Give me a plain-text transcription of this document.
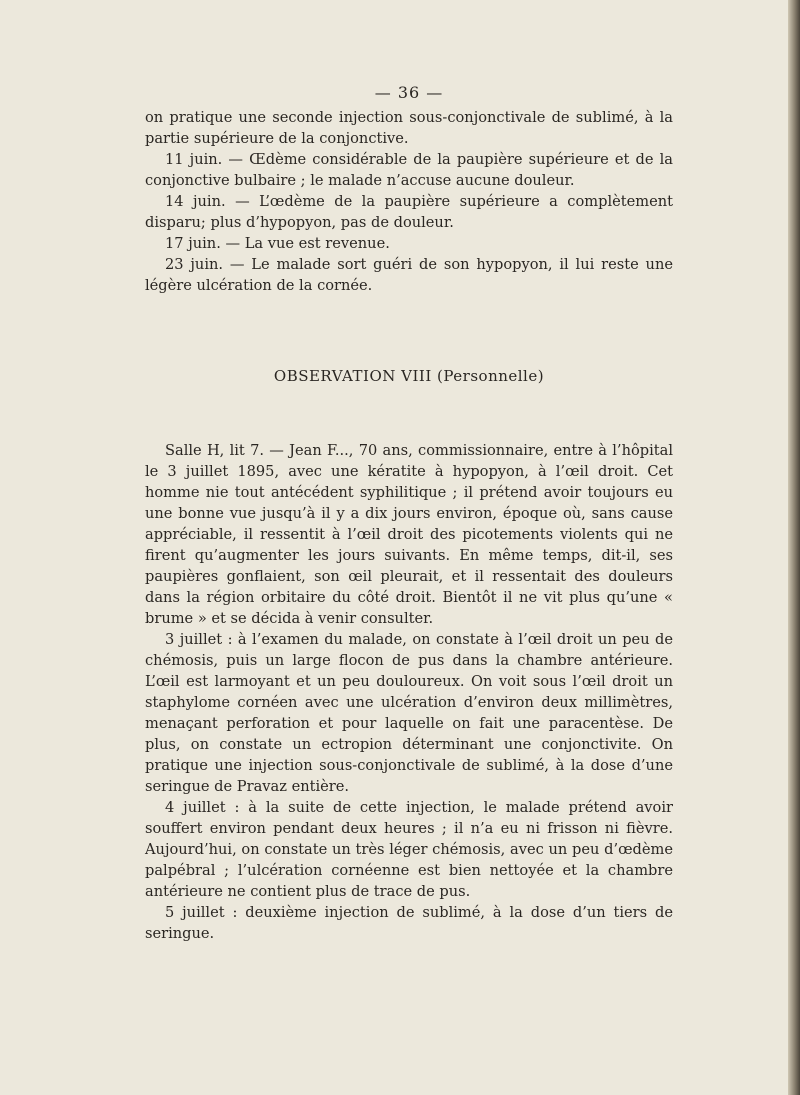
— 36 —

on pratique une seconde injection sous-conjonctivale de sublimé, à la partie supérieure de la conjonctive.

11 juin. — Œdème considérable de la paupière supérieure et de la conjonctive bulbaire ; le malade n’accuse aucune douleur.

14 juin. — L’œdème de la paupière supérieure a complètement disparu; plus d’hypopyon, pas de douleur.

17 juin. — La vue est revenue.

23 juin. — Le malade sort guéri de son hypopyon, il lui reste une légère ulcération de la cornée.

OBSERVATION VIII (Personnelle)

Salle H, lit 7. — Jean F..., 70 ans, commissionnaire, entre à l’hôpital le 3 juillet 1895, avec une kératite à hypopyon, à l’œil droit. Cet homme nie tout antécédent syphilitique ; il prétend avoir toujours eu une bonne vue jusqu’à il y a dix jours environ, époque où, sans cause appréciable, il ressentit à l’œil droit des picotements violents qui ne firent qu’augmenter les jours suivants. En même temps, dit-il, ses paupières gonflaient, son œil pleurait, et il ressentait des douleurs dans la région orbitaire du côté droit. Bientôt il ne vit plus qu’une « brume » et se décida à venir consulter.

3 juillet : à l’examen du malade, on constate à l’œil droit un peu de chémosis, puis un large flocon de pus dans la chambre antérieure. L’œil est larmoyant et un peu douloureux. On voit sous l’œil droit un staphylome cornéen avec une ulcération d’environ deux millimètres, menaçant perforation et pour laquelle on fait une paracentèse. De plus, on constate un ectropion déterminant une conjonctivite. On pratique une injection sous-conjonctivale de sublimé, à la dose d’une seringue de Pravaz entière.

4 juillet : à la suite de cette injection, le malade prétend avoir souffert environ pendant deux heures ; il n’a eu ni frisson ni fièvre. Aujourd’hui, on constate un très léger chémosis, avec un peu d’œdème palpébral ; l’ulcération cornéenne est bien nettoyée et la chambre antérieure ne contient plus de trace de pus.

5 juillet : deuxième injection de sublimé, à la dose d’un tiers de seringue.
